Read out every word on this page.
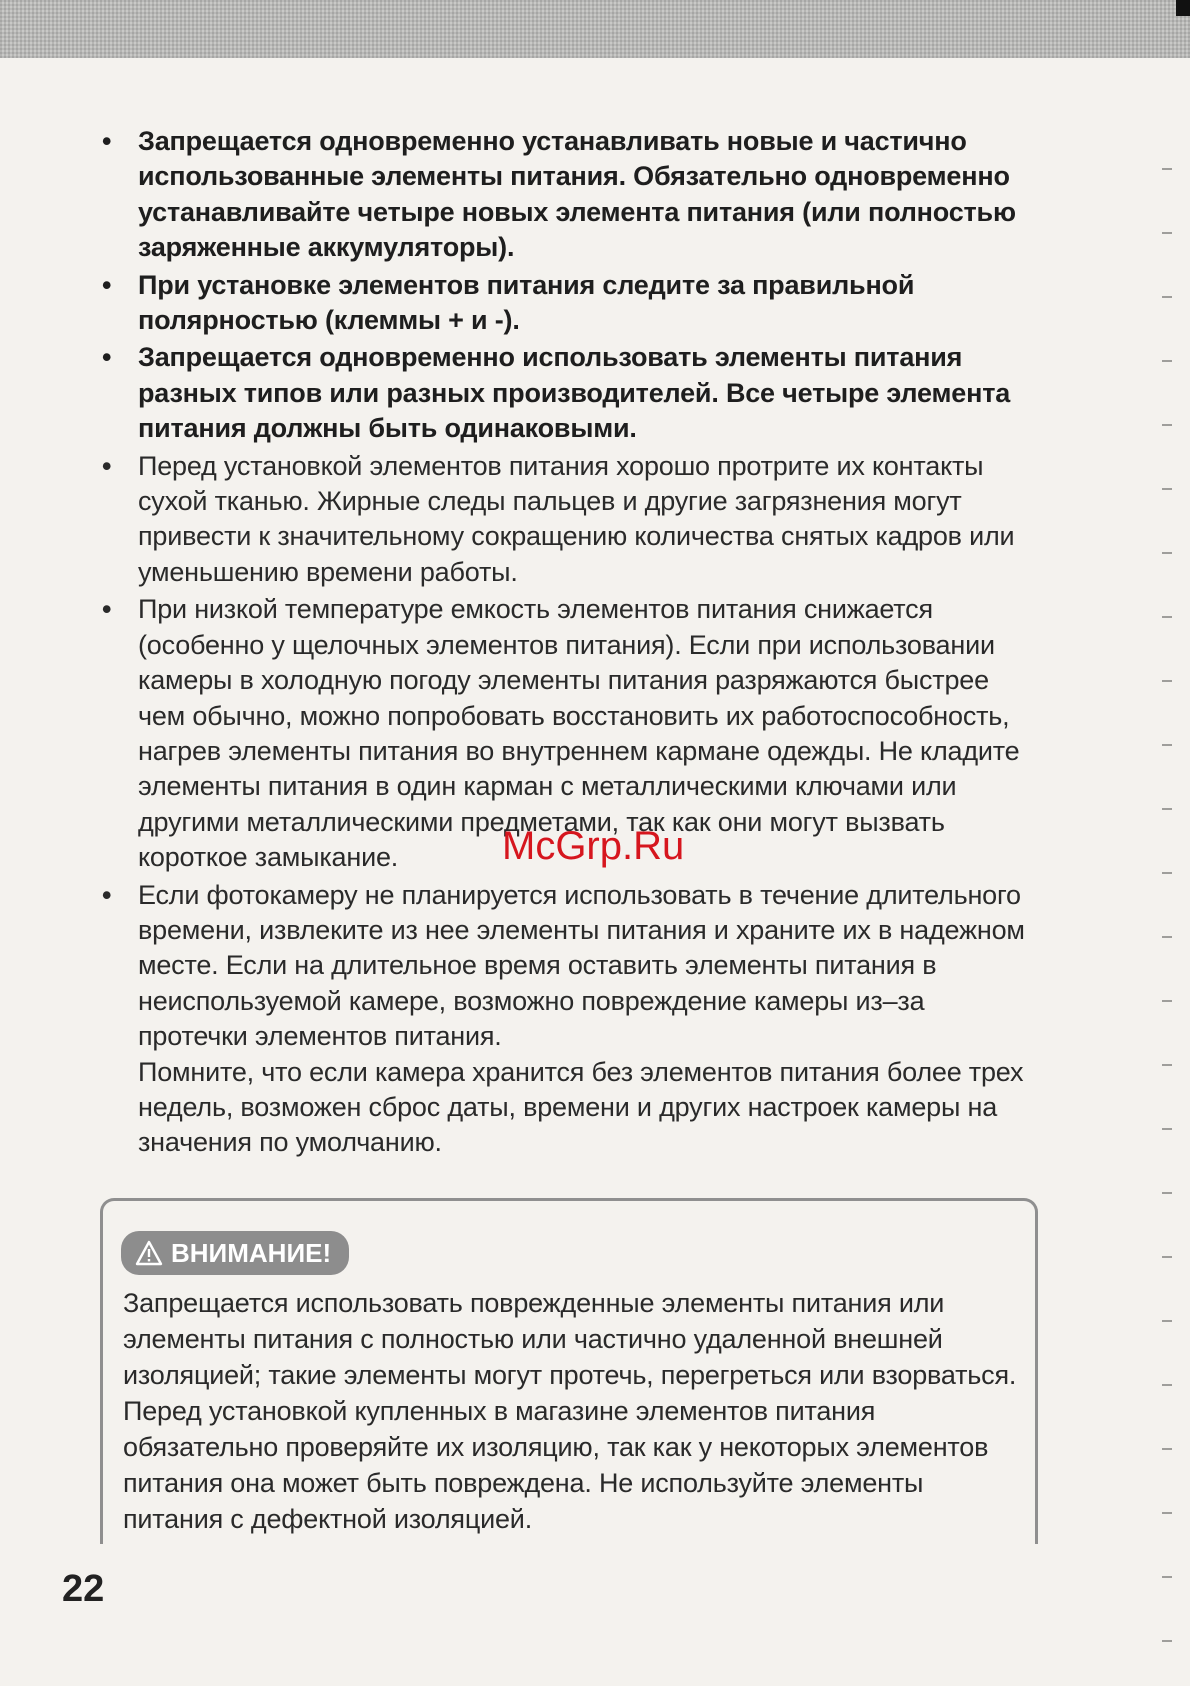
• Запрещается одновременно устанавливать новые и частично использованные элементы питания. Обязательно одновременно устанавливайте четыре новых элемента питания (или полностью заряженные аккумуляторы).
• При установке элементов питания следите за правильной полярностью (клеммы + и -).
• Запрещается одновременно использовать элементы питания разных типов или разных производителей. Все четыре элемента питания должны быть одинаковыми.
• Перед установкой элементов питания хорошо протрите их контакты сухой тканью. Жирные следы пальцев и другие загрязнения могут привести к значительному сокращению количества снятых кадров или уменьшению времени работы.
• При низкой температуре емкость элементов питания снижается (особенно у щелочных элементов питания). Если при использовании камеры в холодную погоду элементы питания разряжаются быстрее чем обычно, можно попробовать восстановить их работоспособность, нагрев элементы питания во внутреннем кармане одежды. Не кладите элементы питания в один карман с металлическими ключами или другими металлическими предметами, так как они могут вызвать короткое замыкание.
• Если фотокамеру не планируется использовать в течение длительного времени, извлеките из нее элементы питания и храните их в надежном месте. Если на длительное время оставить элементы питания в неиспользуемой камере, возможно повреждение камеры из–за протечки элементов питания.
Помните, что если камера хранится без элементов питания более трех недель, возможен сброс даты, времени и других настроек камеры на значения по умолчанию.
ВНИМАНИЕ!
Запрещается использовать поврежденные элементы питания или элементы питания с полностью или частично удаленной внешней изоляцией; такие элементы могут протечь, перегреться или взорваться. Перед установкой купленных в магазине элементов питания обязательно проверяйте их изоляцию, так как у некоторых элементов питания она может быть повреждена. Не используйте элементы питания с дефектной изоляцией.
McGrp.Ru
22
